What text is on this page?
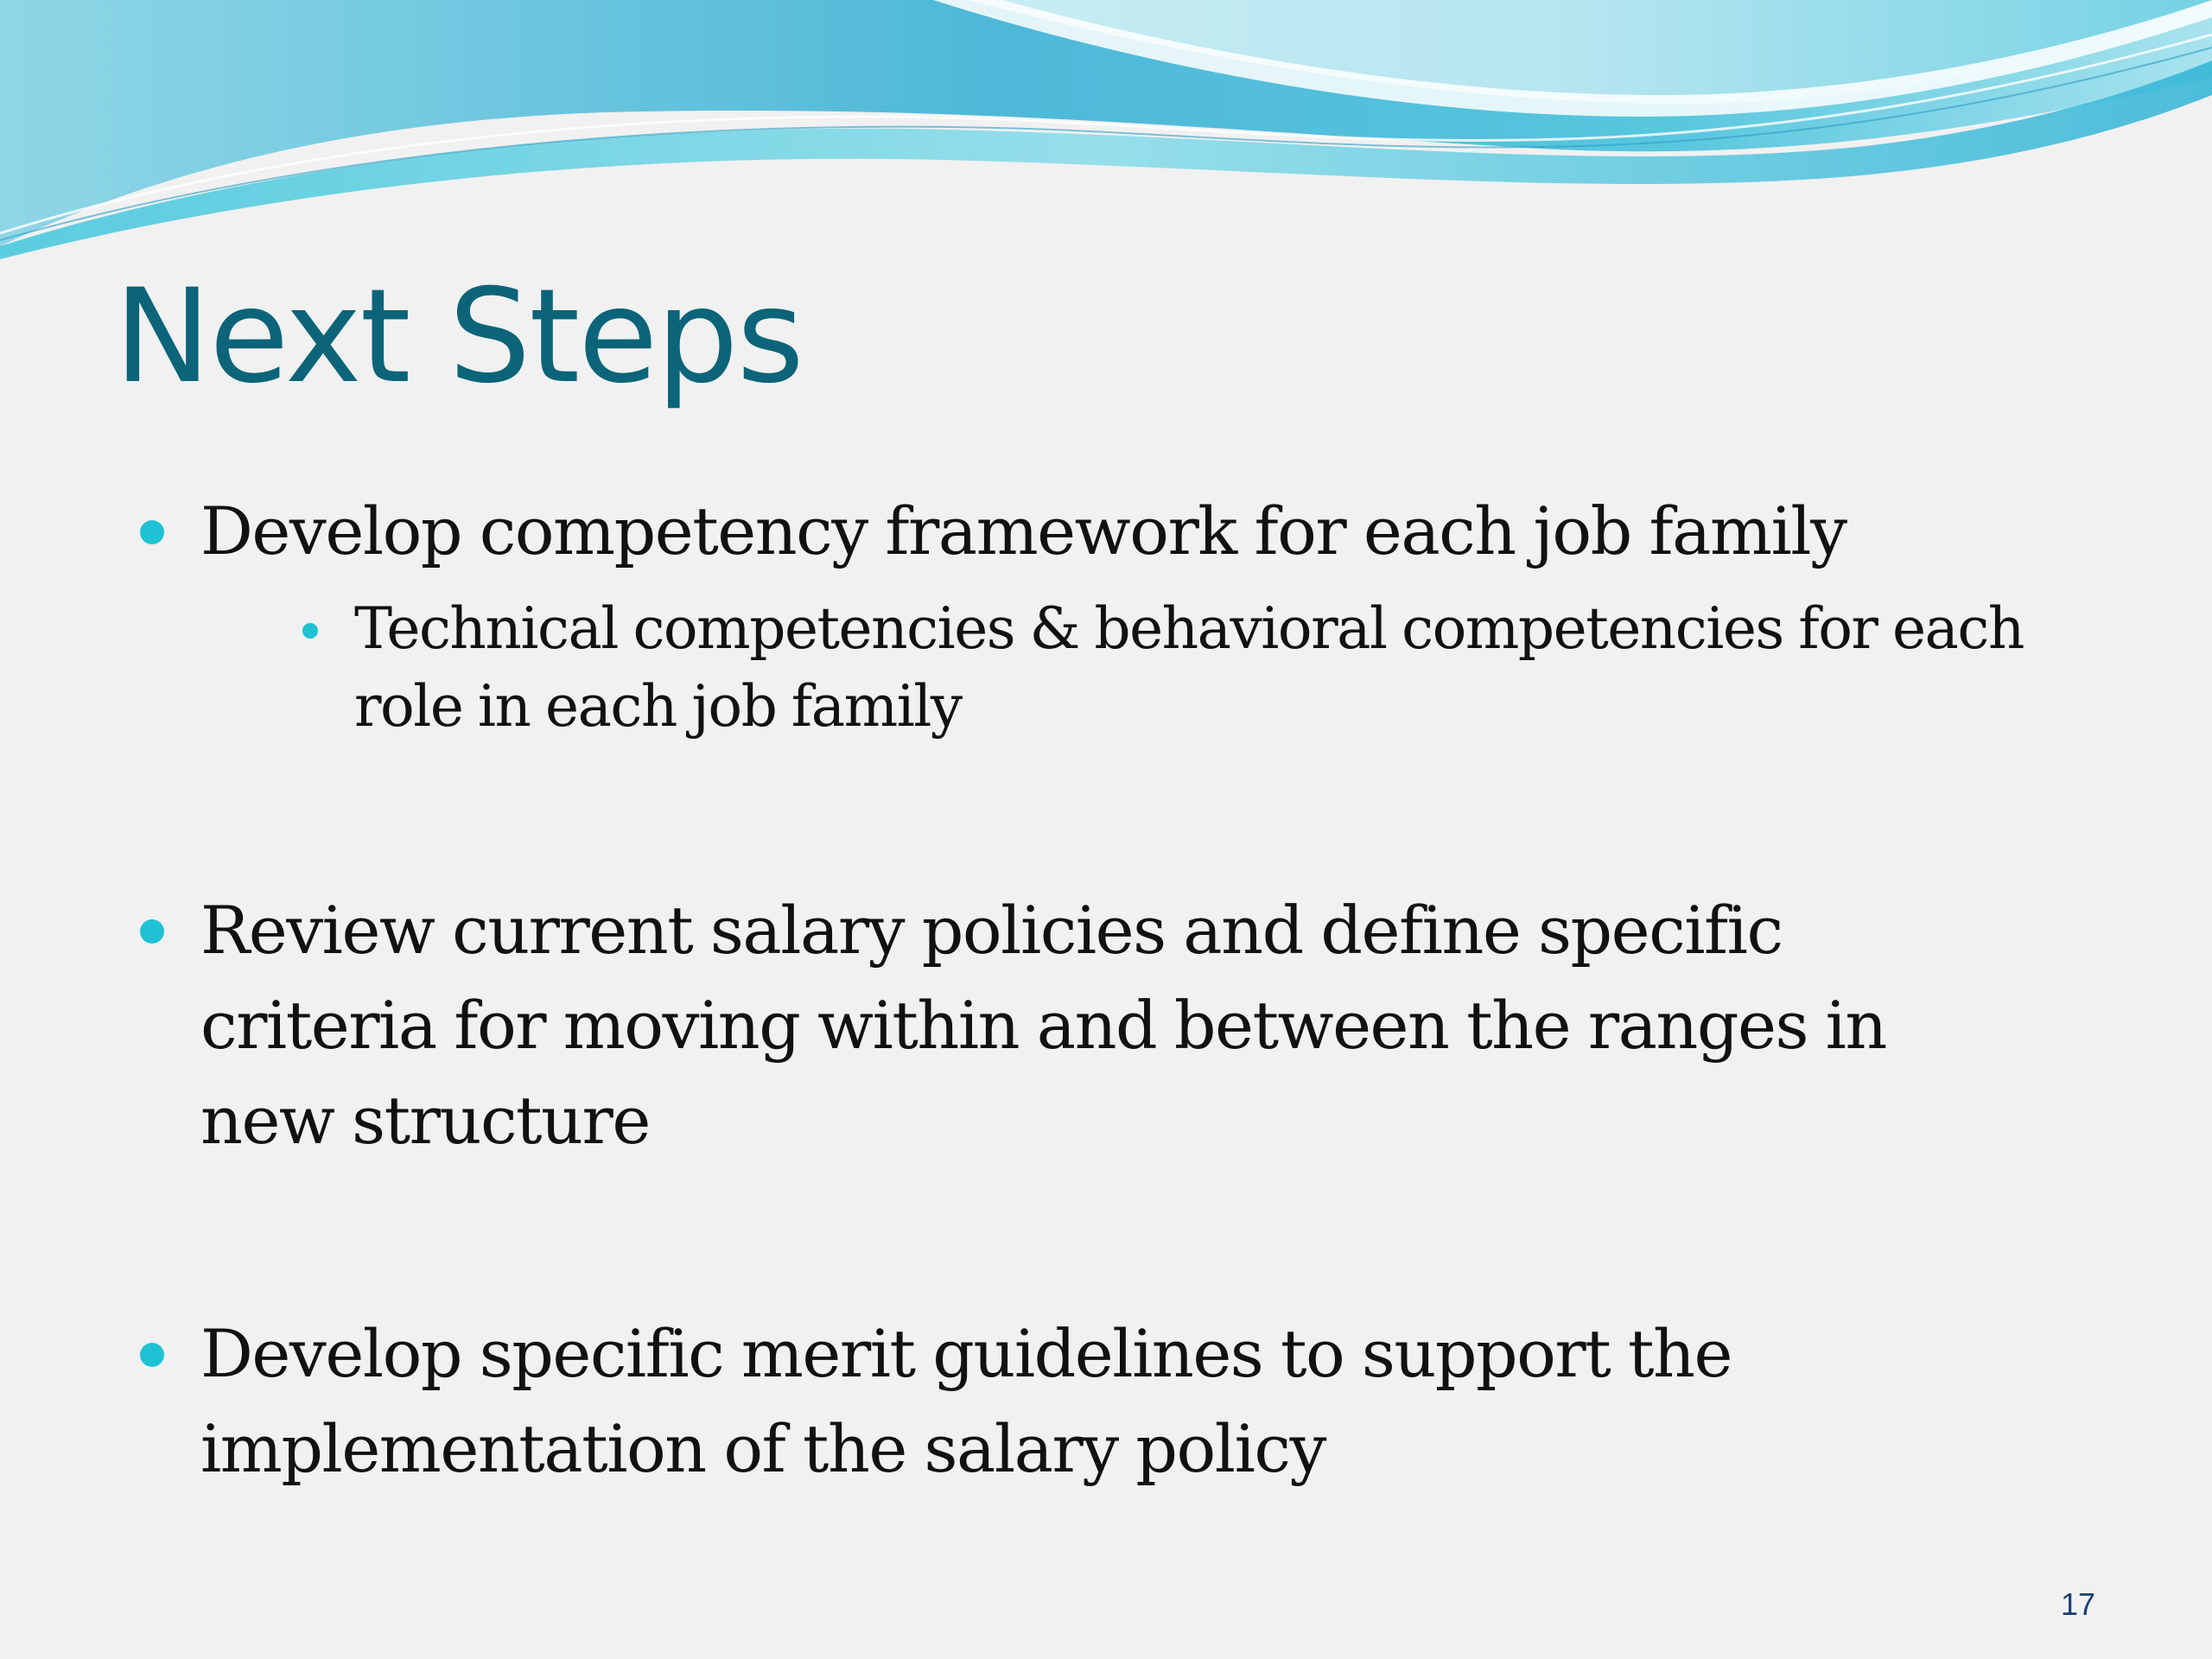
Next Steps
Develop competency framework for each job family
Technical competencies & behavioral competencies for each
role in each job family
Review current salary policies and define specific
criteria for moving within and between the ranges in
new structure
Develop specific merit guidelines to support the
implementation of the salary policy
17
